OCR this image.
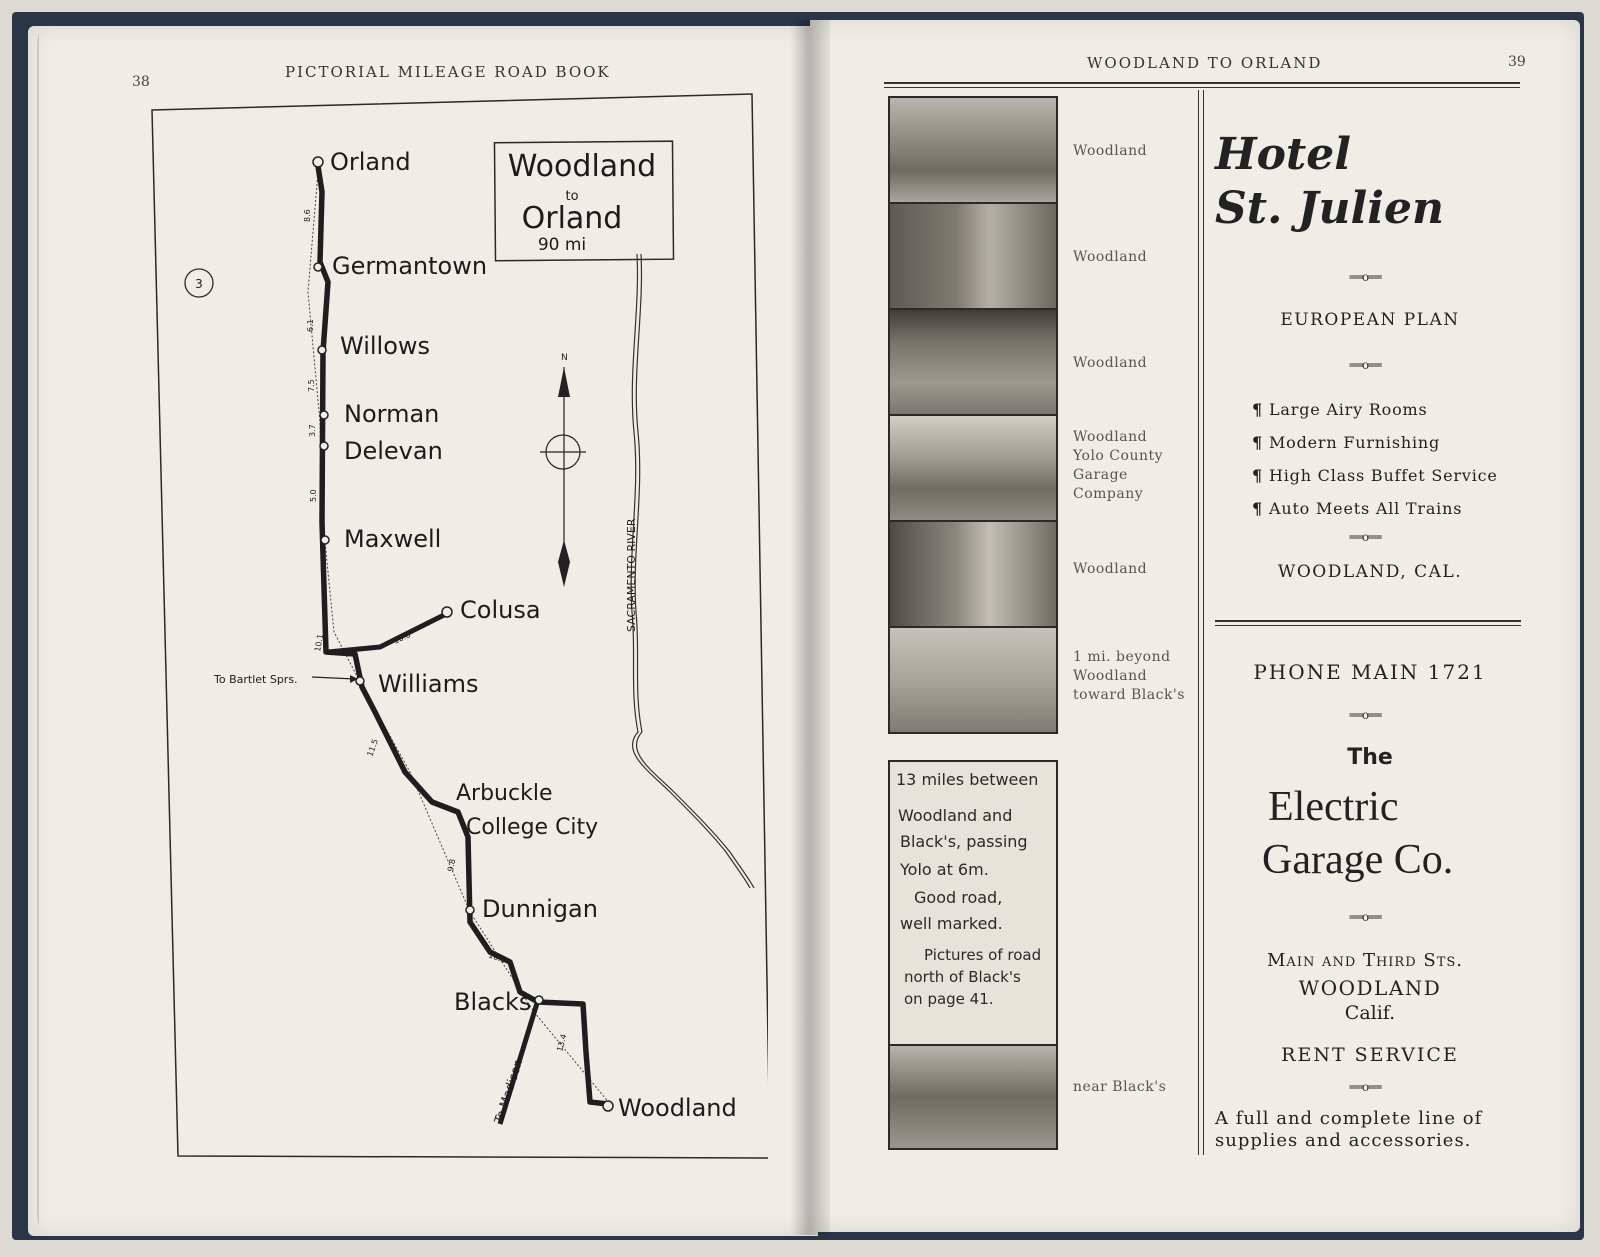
38
PICTORIAL MILEAGE ROAD BOOK
Woodland
to
Orland
90 mi
3
SACRAMENTO RIVER
N
Orland
Germantown
Willows
Norman
Delevan
Maxwell
Colusa
Williams
Arbuckle
College City
Dunnigan
Blacks
Woodland
To Bartlet Sprs.
To Madison
8.6
6.1
7.5
3.7
5.0
10.1	10.6
11.5
9.8
10.3
13.4
WOODLAND TO ORLAND	39
Woodland
Woodland
Woodland
Woodland
Yolo County
Garage
Company
Woodland
1 mi. beyond
Woodland
toward Black's
near Black's
13 miles between
Woodland and
Black's, passing
Yolo at 6m.
Good road,
well marked.
Pictures of road
north of Black's
on page 41.
Hotel
St. Julien
══o══
EUROPEAN PLAN
══o══
¶ Large Airy Rooms
¶ Modern Furnishing
¶ High Class Buffet Service
¶ Auto Meets All Trains
══o══
WOODLAND, CAL.
PHONE MAIN 1721
══o══
The
Electric
Garage Co.
══o══
Main and Third Sts.
WOODLAND
Calif.
RENT SERVICE
══o══
A full and complete line of
supplies and accessories.
